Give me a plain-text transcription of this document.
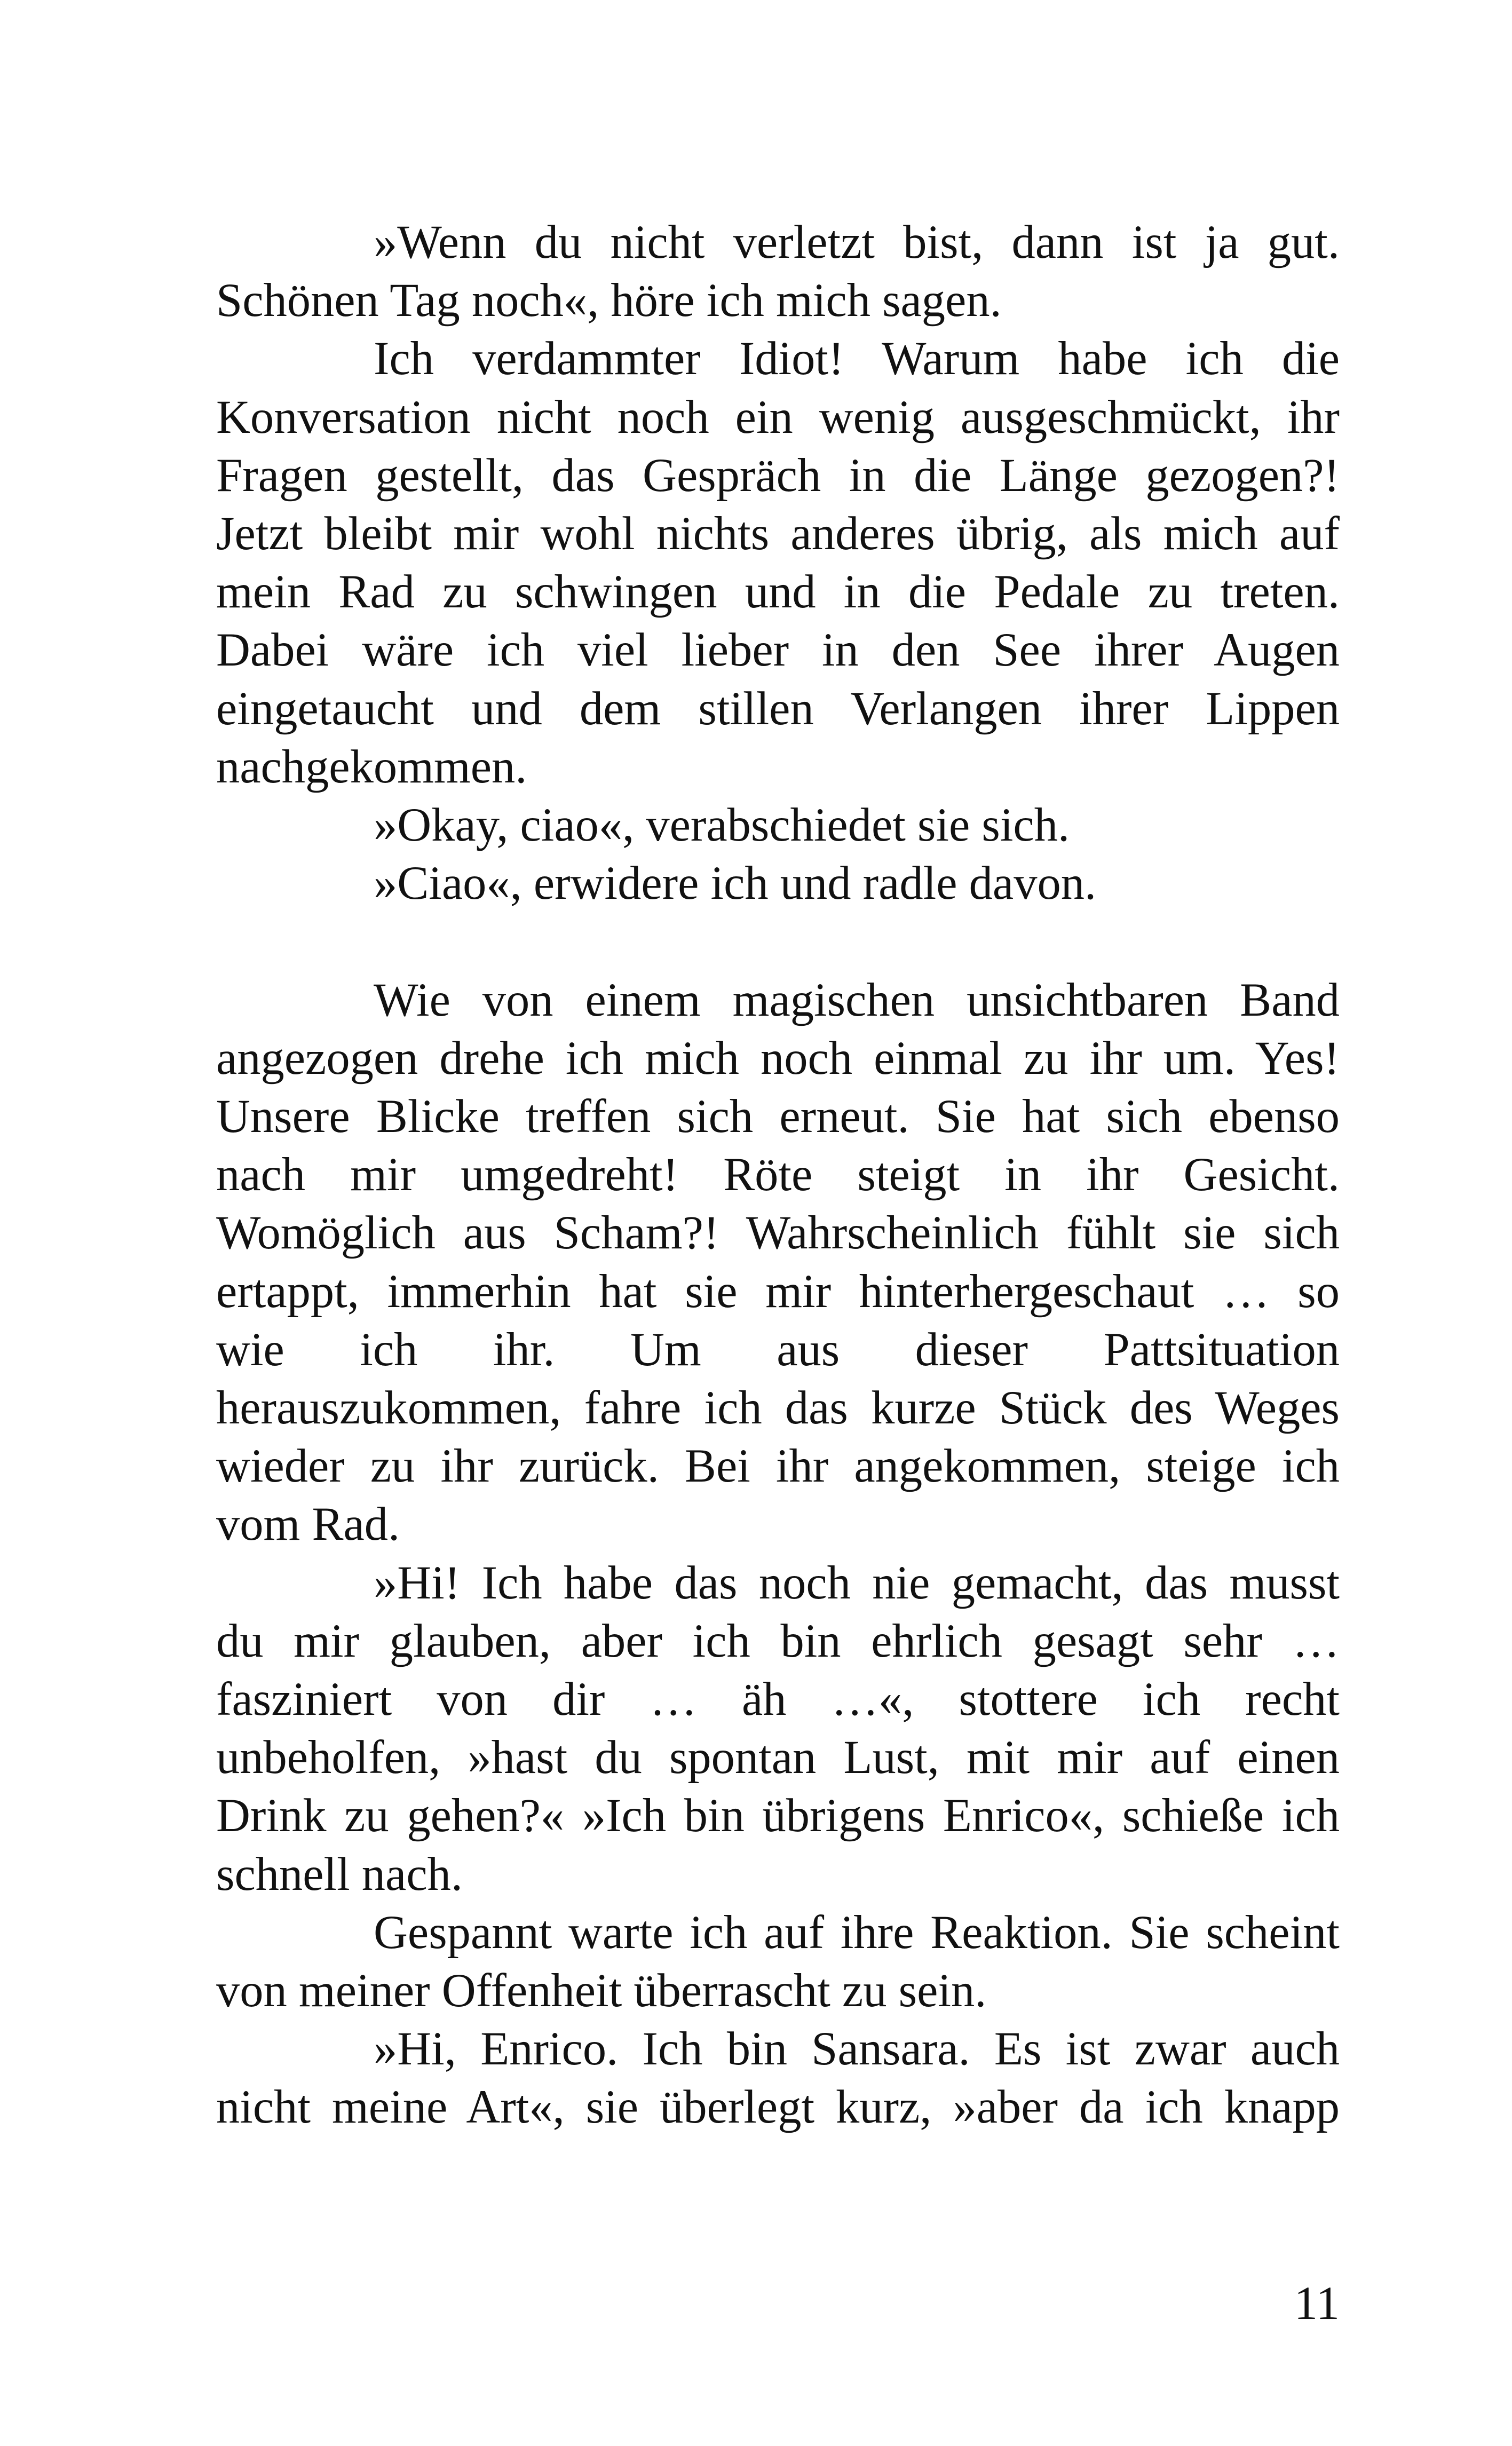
»Wenn du nicht verletzt bist, dann ist ja gut.
Schönen Tag noch«, höre ich mich sagen.
Ich verdammter Idiot! Warum habe ich die
Konversation nicht noch ein wenig ausgeschmückt, ihr
Fragen gestellt, das Gespräch in die Länge gezogen?!
Jetzt bleibt mir wohl nichts anderes übrig, als mich auf
mein Rad zu schwingen und in die Pedale zu treten.
Dabei wäre ich viel lieber in den See ihrer Augen
eingetaucht und dem stillen Verlangen ihrer Lippen
nachgekommen.
»Okay, ciao«, verabschiedet sie sich.
»Ciao«, erwidere ich und radle davon.
Wie von einem magischen unsichtbaren Band
angezogen drehe ich mich noch einmal zu ihr um. Yes!
Unsere Blicke treffen sich erneut. Sie hat sich ebenso
nach mir umgedreht! Röte steigt in ihr Gesicht.
Womöglich aus Scham?! Wahrscheinlich fühlt sie sich
ertappt, immerhin hat sie mir hinterhergeschaut … so
wie ich ihr. Um aus dieser Pattsituation
herauszukommen, fahre ich das kurze Stück des Weges
wieder zu ihr zurück. Bei ihr angekommen, steige ich
vom Rad.
»Hi! Ich habe das noch nie gemacht, das musst
du mir glauben, aber ich bin ehrlich gesagt sehr …
fasziniert von dir … äh …«, stottere ich recht
unbeholfen, »hast du spontan Lust, mit mir auf einen
Drink zu gehen?« »Ich bin übrigens Enrico«, schieße ich
schnell nach.
Gespannt warte ich auf ihre Reaktion. Sie scheint
von meiner Offenheit überrascht zu sein.
»Hi, Enrico. Ich bin Sansara. Es ist zwar auch
nicht meine Art«, sie überlegt kurz, »aber da ich knapp
11
